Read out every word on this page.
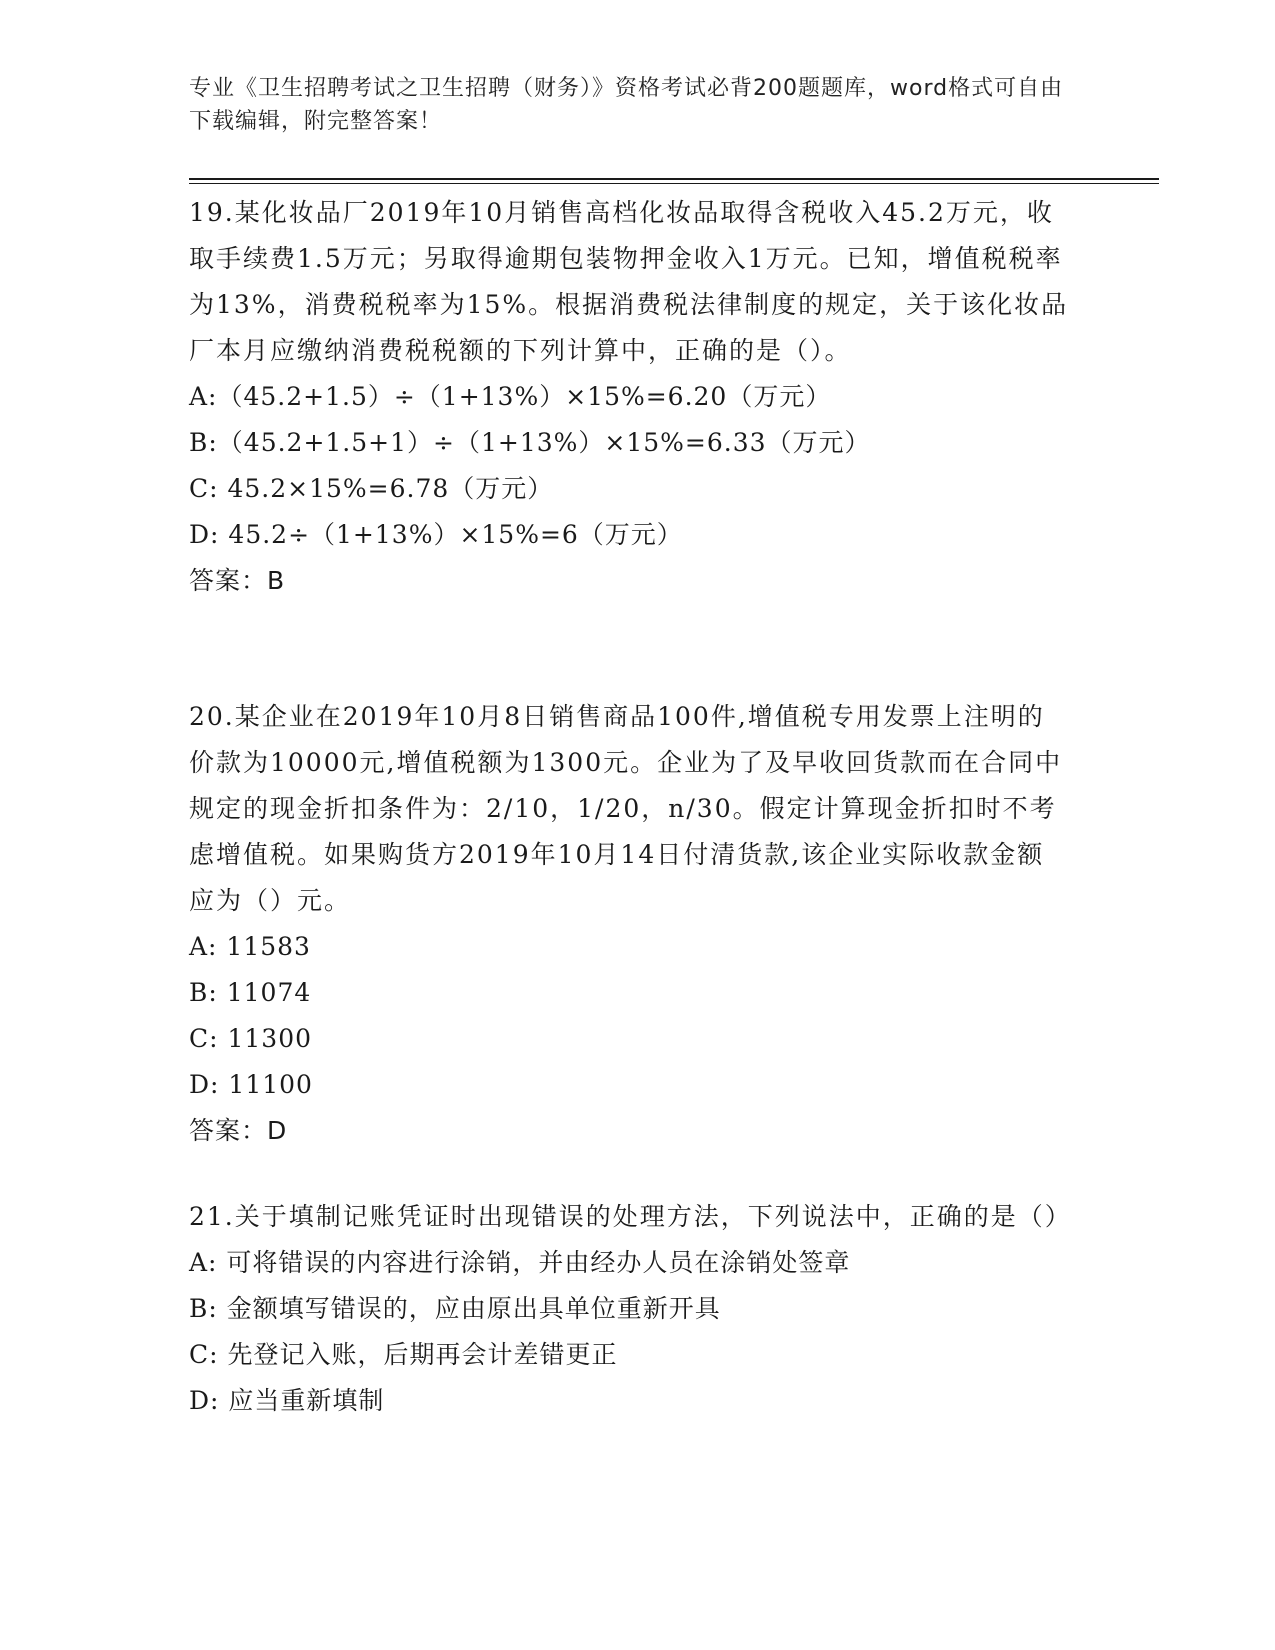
专业《卫生招聘考试之卫生招聘（财务）》资格考试必背200题题库，word格式可自由下载编辑，附完整答案！

19.某化妆品厂2019年10月销售高档化妆品取得含税收入45.2万元，收取手续费1.5万元；另取得逾期包装物押金收入1万元。已知，增值税税率为13%，消费税税率为15%。根据消费税法律制度的规定，关于该化妆品厂本月应缴纳消费税税额的下列计算中，正确的是（）。

A:（45.2+1.5）÷（1+13%）×15%=6.20（万元）
B:（45.2+1.5+1）÷（1+13%）×15%=6.33（万元）
C: 45.2×15%=6.78（万元）
D: 45.2÷（1+13%）×15%=6（万元）

答案：B

20.某企业在2019年10月8日销售商品100件,增值税专用发票上注明的价款为10000元,增值税额为1300元。企业为了及早收回货款而在合同中规定的现金折扣条件为：2/10，1/20，n/30。假定计算现金折扣时不考虑增值税。如果购货方2019年10月14日付清货款,该企业实际收款金额应为（）元。

A: 11583
B: 11074
C: 11300
D: 11100

答案：D

21.关于填制记账凭证时出现错误的处理方法，下列说法中，正确的是（）

A: 可将错误的内容进行涂销，并由经办人员在涂销处签章
B: 金额填写错误的，应由原出具单位重新开具
C: 先登记入账，后期再会计差错更正
D: 应当重新填制
